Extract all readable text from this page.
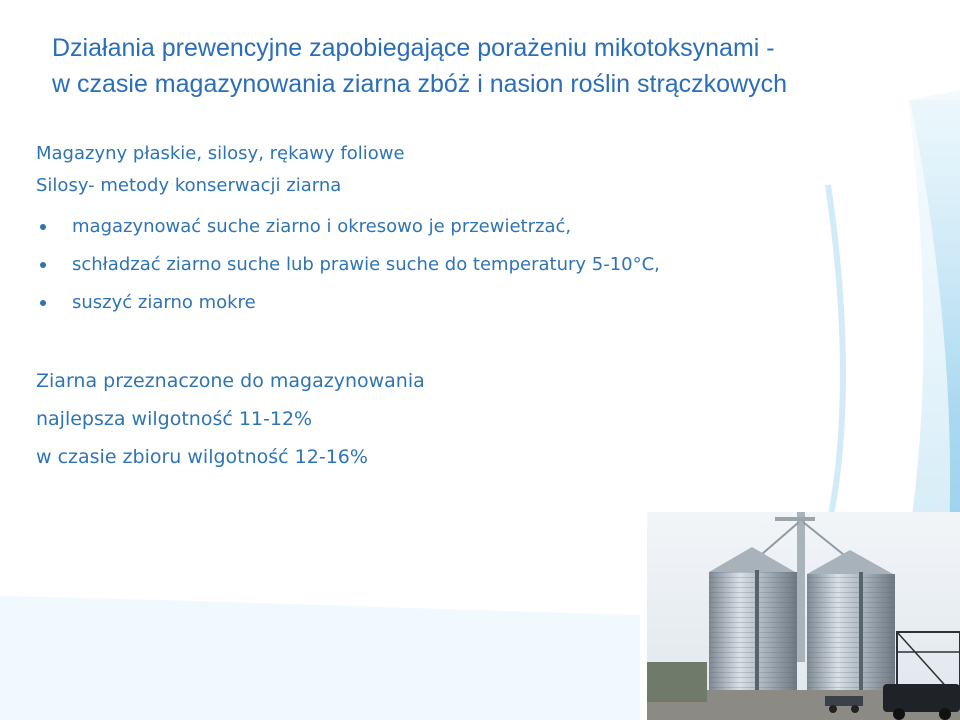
Działania prewencyjne zapobiegające porażeniu mikotoksynami -
w czasie magazynowania ziarna zbóż i nasion roślin strączkowych
Magazyny płaskie, silosy, rękawy foliowe
Silosy- metody konserwacji ziarna
magazynować suche ziarno i okresowo je przewietrzać,
schładzać ziarno suche lub prawie suche do temperatury 5-10°C,
suszyć ziarno mokre
Ziarna przeznaczone do magazynowania
najlepsza wilgotność 11-12%
w czasie zbioru wilgotność 12-16%
